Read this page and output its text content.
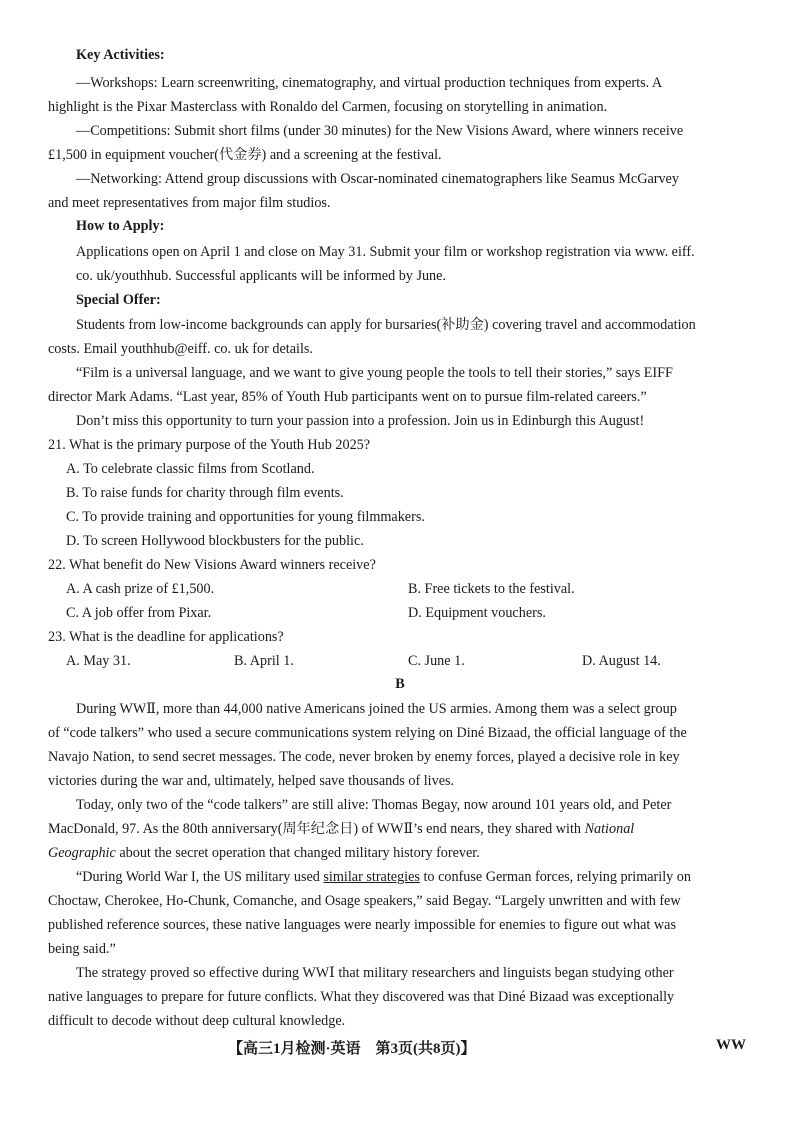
Key Activities:
—Workshops: Learn screenwriting, cinematography, and virtual production techniques from experts. A
highlight is the Pixar Masterclass with Ronaldo del Carmen, focusing on storytelling in animation.
—Competitions: Submit short films (under 30 minutes) for the New Visions Award, where winners receive
£1,500 in equipment voucher(代金券) and a screening at the festival.
—Networking: Attend group discussions with Oscar-nominated cinematographers like Seamus McGarvey
and meet representatives from major film studios.
How to Apply:
Applications open on April 1 and close on May 31. Submit your film or workshop registration via www. eiff.
co. uk/youthhub. Successful applicants will be informed by June.
Special Offer:
Students from low-income backgrounds can apply for bursaries(补助金) covering travel and accommodation
costs. Email youthhub@eiff. co. uk for details.
“Film is a universal language, and we want to give young people the tools to tell their stories,” says EIFF
director Mark Adams. “Last year, 85% of Youth Hub participants went on to pursue film-related careers.”
Don’t miss this opportunity to turn your passion into a profession. Join us in Edinburgh this August!
21. What is the primary purpose of the Youth Hub 2025?
A. To celebrate classic films from Scotland.
B. To raise funds for charity through film events.
C. To provide training and opportunities for young filmmakers.
D. To screen Hollywood blockbusters for the public.
22. What benefit do New Visions Award winners receive?
A. A cash prize of £1,500.	B. Free tickets to the festival.
C. A job offer from Pixar.	D. Equipment vouchers.
23. What is the deadline for applications?
A. May 31.	B. April 1.	C. June 1.	D. August 14.
B
During WWⅡ, more than 44,000 native Americans joined the US armies. Among them was a select group
of “code talkers” who used a secure communications system relying on Diné Bizaad, the official language of the
Navajo Nation, to send secret messages. The code, never broken by enemy forces, played a decisive role in key
victories during the war and, ultimately, helped save thousands of lives.
Today, only two of the “code talkers” are still alive: Thomas Begay, now around 101 years old, and Peter
MacDonald, 97. As the 80th anniversary(周年纪念日) of WWⅡ’s end nears, they shared with National
Geographic about the secret operation that changed military history forever.
“During World War I, the US military used similar strategies to confuse German forces, relying primarily on
Choctaw, Cherokee, Ho-Chunk, Comanche, and Osage speakers,” said Begay. “Largely unwritten and with few
published reference sources, these native languages were nearly impossible for enemies to figure out what was
being said.”
The strategy proved so effective during WWⅠ that military researchers and linguists began studying other
native languages to prepare for future conflicts. What they discovered was that Diné Bizaad was exceptionally
difficult to decode without deep cultural knowledge.
【高三1月检测·英语　第3页(共8页)】	WW
